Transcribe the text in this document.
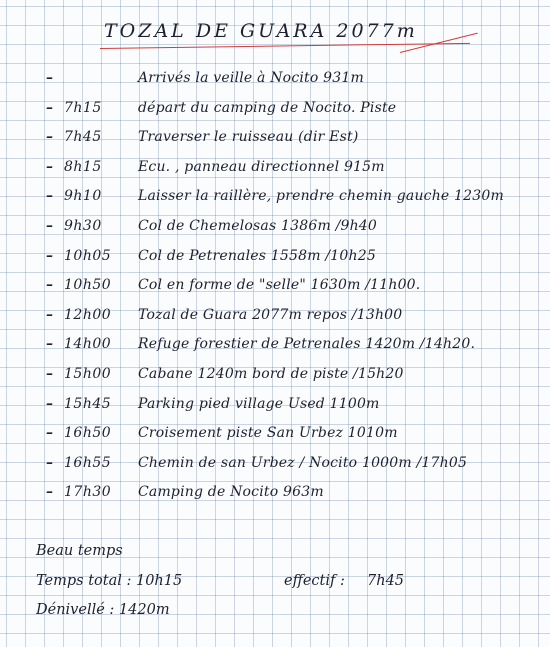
TOZAL DE GUARA 2077m
–	Arrivés la veille à Nocito 931m
– 7h15	départ du camping de Nocito. Piste
– 7h45	Traverser le ruisseau (dir Est)
– 8h15	Ecu. , panneau directionnel 915m
– 9h10	Laisser la raillère, prendre chemin gauche 1230m
– 9h30	Col de Chemelosas 1386m /9h40
– 10h05 Col de Petrenales 1558m /10h25
– 10h50 Col en forme de "selle" 1630m /11h00.
– 12h00 Tozal de Guara 2077m repos /13h00
– 14h00 Refuge forestier de Petrenales 1420m /14h20.
– 15h00 Cabane 1240m bord de piste /15h20
– 15h45 Parking pied village Used 1100m
– 16h50 Croisement piste San Urbez 1010m
– 16h55 Chemin de san Urbez / Nocito 1000m /17h05
– 17h30 Camping de Nocito 963m
Beau temps
Temps total : 10h15	effectif : 7h45
Dénivellé : 1420m
